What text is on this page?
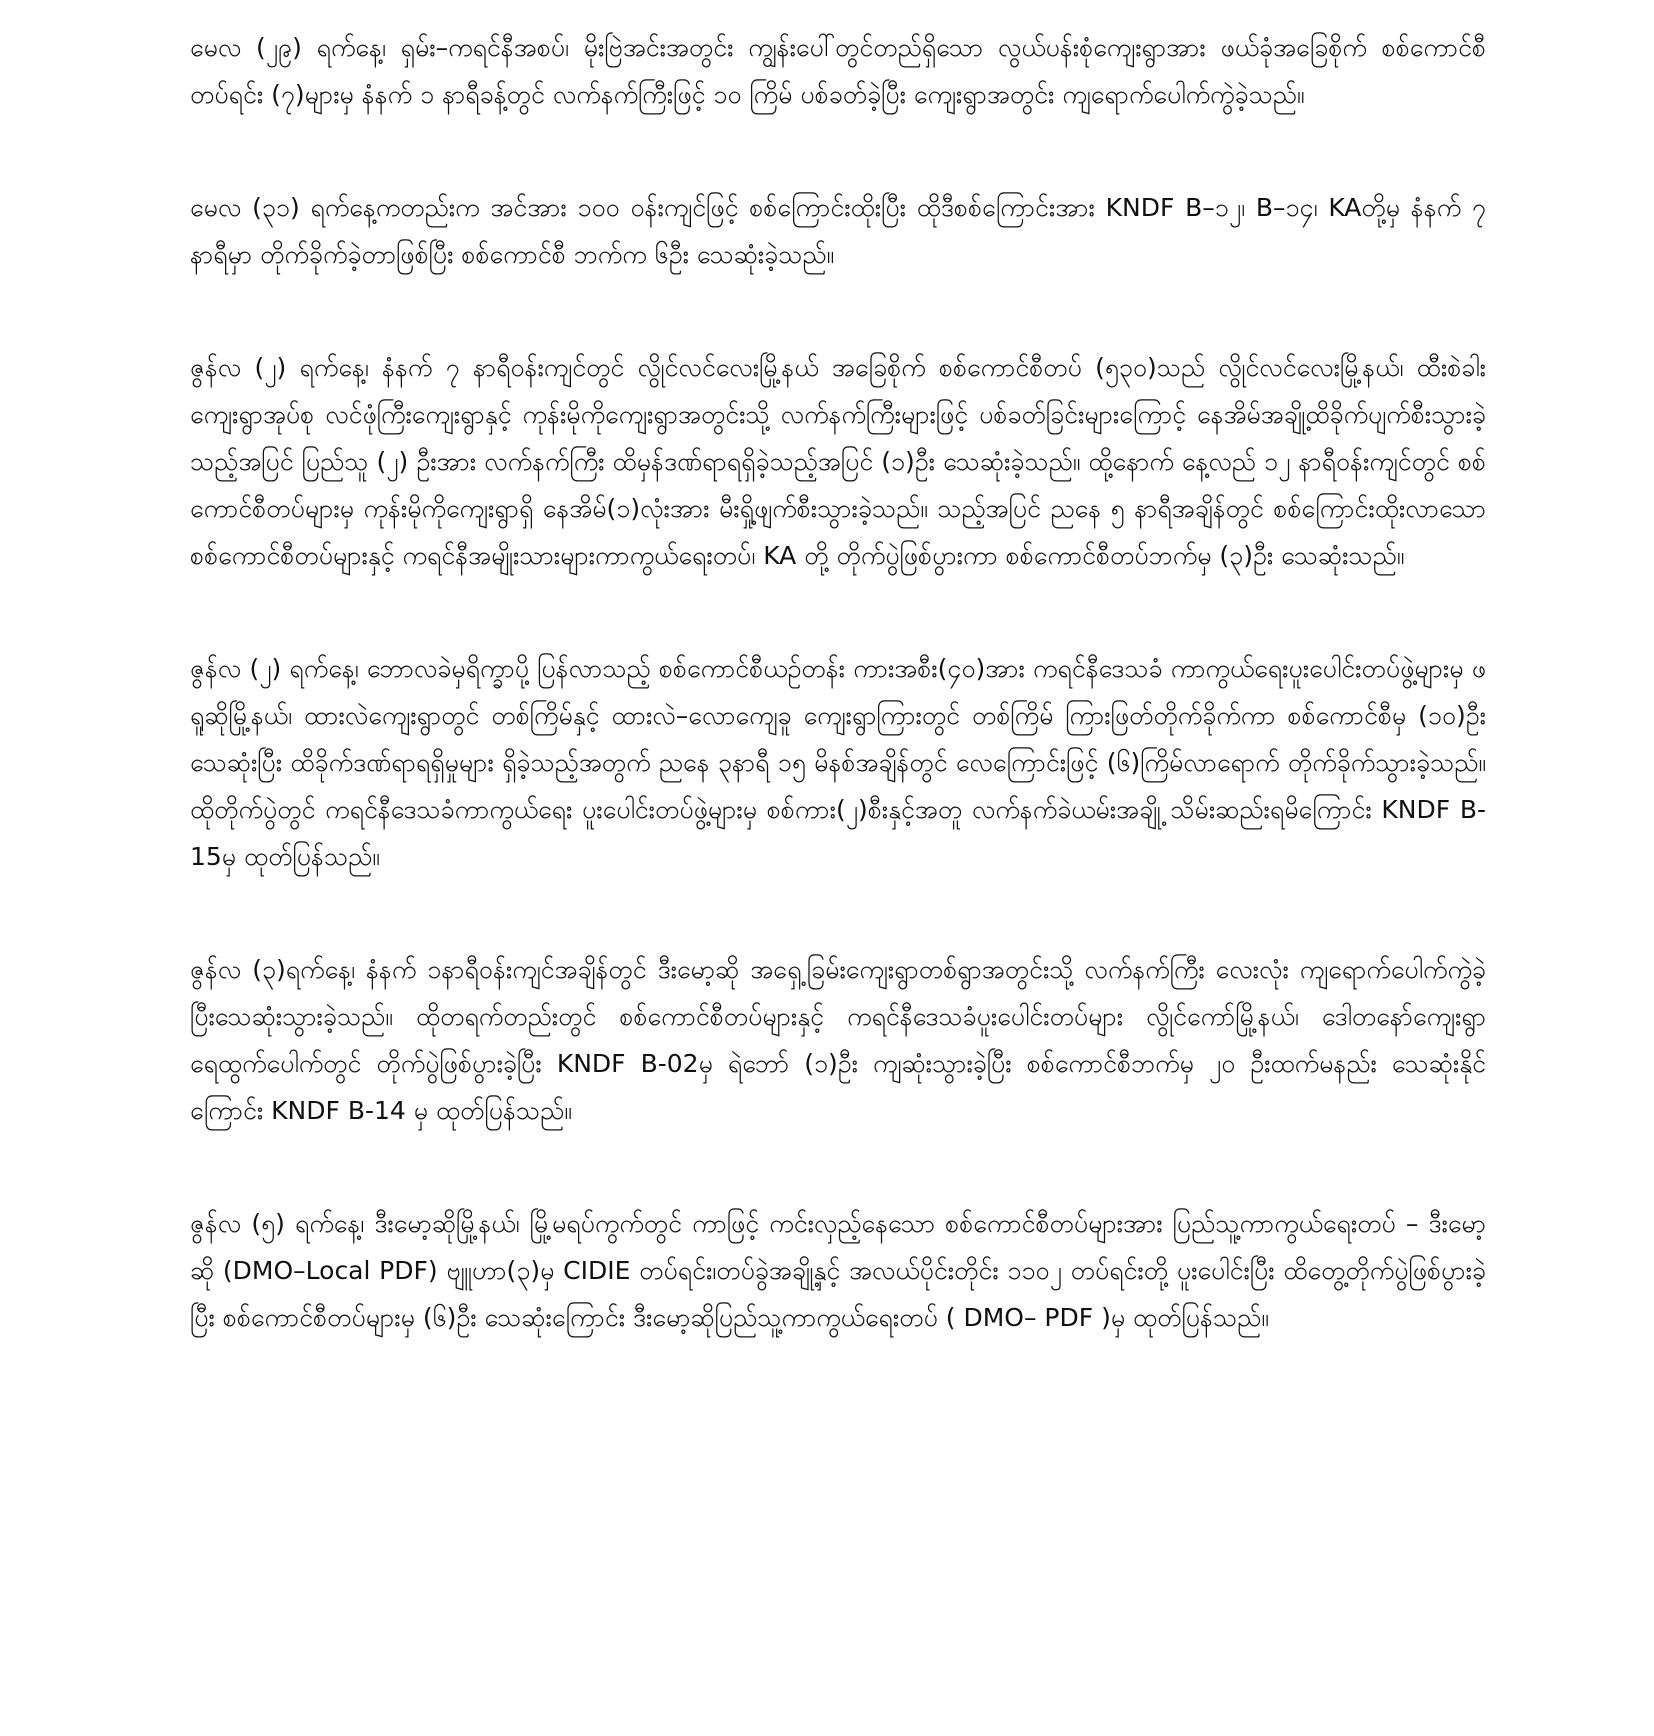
မေလ (၂၉) ရက်နေ့၊ ရှမ်း–ကရင်နီအစပ်၊ မိုးဗြဲအင်းအတွင်း ကျွန်းပေါ်တွင်တည်ရှိသော လွယ်ပန်းစုံကျေးရွာအား ဖယ်ခုံအခြေစိုက် စစ်ကောင်စီတပ်ရင်း (၇)များမှ နံနက် ၁ နာရီခန့်တွင် လက်နက်ကြီးဖြင့် ၁၀ ကြိမ် ပစ်ခတ်ခဲ့ပြီး ကျေးရွာအတွင်း ကျရောက်ပေါက်ကွဲခဲ့သည်။

မေလ (၃၁) ရက်နေ့ကတည်းက အင်အား ၁၀၀ ဝန်းကျင်ဖြင့် စစ်ကြောင်းထိုးပြီး ထိုဒီစစ်ကြောင်းအား KNDF B–၁၂၊ B–၁၄၊ KAတို့မှ နံနက် ၇ နာရီမှာ တိုက်ခိုက်ခဲ့တာဖြစ်ပြီး စစ်ကောင်စီ ဘက်က ၆ဦး သေဆုံးခဲ့သည်။

ဇွန်လ (၂) ရက်နေ့၊ နံနက် ၇ နာရီဝန်းကျင်တွင် လွိုင်လင်လေးမြို့နယ် အခြေစိုက် စစ်ကောင်စီတပ် (၅၃၀)သည် လွိုင်လင်လေးမြို့နယ်၊ ထီးစဲခါးကျေးရွာအုပ်စု လင်ဖုံကြီးကျေးရွာနှင့် ကုန်းမိုကိုကျေးရွာအတွင်းသို့ လက်နက်ကြီးများဖြင့် ပစ်ခတ်ခြင်းများကြောင့် နေအိမ်အချို့ထိခိုက်ပျက်စီးသွားခဲ့သည့်အပြင် ပြည်သူ (၂) ဦးအား လက်နက်ကြီး ထိမှန်ဒဏ်ရာရရှိခဲ့သည့်အပြင် (၁)ဦး သေဆုံးခဲ့သည်။ ထို့နောက် နေ့လည် ၁၂ နာရီဝန်းကျင်တွင် စစ်ကောင်စီတပ်များမှ ကုန်းမိုကိုကျေးရွာရှိ နေအိမ်(၁)လုံးအား မီးရှို့ဖျက်စီးသွားခဲ့သည်။ သည့်အပြင် ညနေ ၅ နာရီအချိန်တွင် စစ်ကြောင်းထိုးလာသော စစ်ကောင်စီတပ်များနှင့် ကရင်နီအမျိုးသားများကာကွယ်ရေးတပ်၊ KA တို့ တိုက်ပွဲဖြစ်ပွားကာ စစ်ကောင်စီတပ်ဘက်မှ (၃)ဦး သေဆုံးသည်။

ဇွန်လ (၂) ရက်နေ့၊ ဘောလခဲမှရိက္ခာပို့ ပြန်လာသည့် စစ်ကောင်စီယဉ်တန်း ကားအစီး(၄၀)အား ကရင်နီဒေသခံ ကာကွယ်ရေးပူးပေါင်းတပ်ဖွဲ့များမှ ဖရူဆိုမြို့နယ်၊ ထားလဲကျေးရွာတွင် တစ်ကြိမ်နှင့် ထားလဲ–လောကျေခူ ကျေးရွာကြားတွင် တစ်ကြိမ် ကြားဖြတ်တိုက်ခိုက်ကာ စစ်ကောင်စီမှ (၁၀)ဦးသေဆုံးပြီး ထိခိုက်ဒဏ်ရာရရှိမှုများ ရှိခဲ့သည့်အတွက် ညနေ ၃နာရီ ၁၅ မိနစ်အချိန်တွင် လေကြောင်းဖြင့် (၆)ကြိမ်လာရောက် တိုက်ခိုက်သွားခဲ့သည်။ ထိုတိုက်ပွဲတွင် ကရင်နီဒေသခံကာကွယ်ရေး ပူးပေါင်းတပ်ဖွဲ့များမှ စစ်ကား(၂)စီးနှင့်အတူ လက်နက်ခဲယမ်းအချို့ သိမ်းဆည်းရမိကြောင်း KNDF B-15မှ ထုတ်ပြန်သည်။

ဇွန်လ (၃)ရက်နေ့၊ နံနက် ၁နာရီဝန်းကျင်အချိန်တွင် ဒီးမော့ဆို အရှေ့ခြမ်းကျေးရွာတစ်ရွာအတွင်းသို့ လက်နက်ကြီး လေးလုံး ကျရောက်ပေါက်ကွဲခဲ့ပြီးသေဆုံးသွားခဲ့သည်။ ထိုတရက်တည်းတွင် စစ်ကောင်စီတပ်များနှင့် ကရင်နီဒေသခံပူးပေါင်းတပ်များ လွိုင်ကော်မြို့နယ်၊ ဒေါတနော်ကျေးရွာ ရေထွက်ပေါက်တွင် တိုက်ပွဲဖြစ်ပွားခဲ့ပြီး KNDF B-02မှ ရဲဘော် (၁)ဦး ကျဆုံးသွားခဲ့ပြီး စစ်ကောင်စီဘက်မှ ၂၀ ဦးထက်မနည်း သေဆုံးနိုင်ကြောင်း KNDF B-14 မှ ထုတ်ပြန်သည်။

ဇွန်လ (၅) ရက်နေ့၊ ဒီးမော့ဆိုမြို့နယ်၊ မြို့မရပ်ကွက်တွင် ကာဖြင့် ကင်းလှည့်နေသော စစ်ကောင်စီတပ်များအား ပြည်သူ့ကာကွယ်ရေးတပ် – ဒီးမော့ဆို (DMO–Local PDF) ဗျူဟာ(၃)မှ CIDIE တပ်ရင်း၊တပ်ခွဲအချို့နှင့် အလယ်ပိုင်းတိုင်း ၁၁၀၂ တပ်ရင်းတို့ ပူးပေါင်းပြီး ထိတွေ့တိုက်ပွဲဖြစ်ပွားခဲ့ပြီး စစ်ကောင်စီတပ်များမှ (၆)ဦး သေဆုံးကြောင်း ဒီးမော့ဆိုပြည်သူ့ကာကွယ်ရေးတပ် ( DMO– PDF )မှ ထုတ်ပြန်သည်။
